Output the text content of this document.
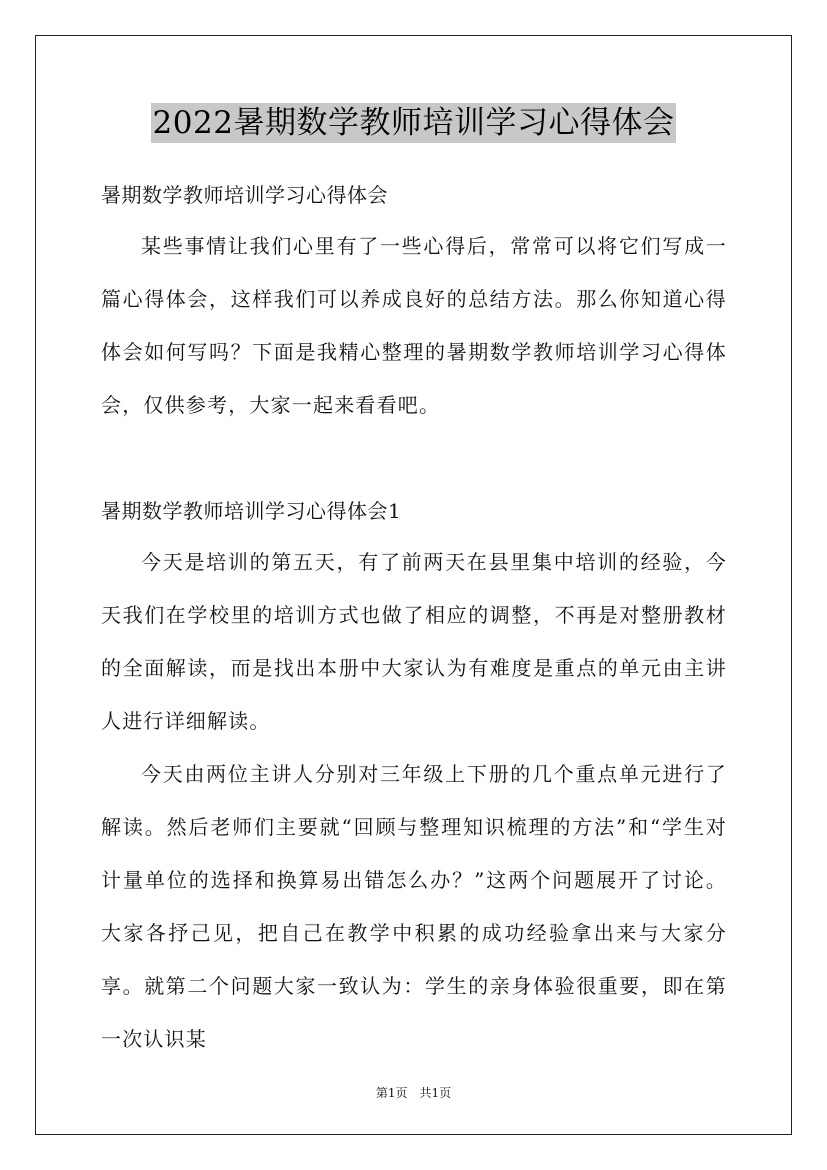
2022暑期数学教师培训学习心得体会

暑期数学教师培训学习心得体会

某些事情让我们心里有了一些心得后，常常可以将它们写成一篇心得体会，这样我们可以养成良好的总结方法。那么你知道心得体会如何写吗？下面是我精心整理的暑期数学教师培训学习心得体会，仅供参考，大家一起来看看吧。

暑期数学教师培训学习心得体会1

今天是培训的第五天，有了前两天在县里集中培训的经验，今天我们在学校里的培训方式也做了相应的调整，不再是对整册教材的全面解读，而是找出本册中大家认为有难度是重点的单元由主讲人进行详细解读。

今天由两位主讲人分别对三年级上下册的几个重点单元进行了解读。然后老师们主要就“回顾与整理知识梳理的方法”和“学生对计量单位的选择和换算易出错怎么办？”这两个问题展开了讨论。大家各抒己见，把自己在教学中积累的成功经验拿出来与大家分享。就第二个问题大家一致认为：学生的亲身体验很重要，即在第一次认识某

第1页　共1页
